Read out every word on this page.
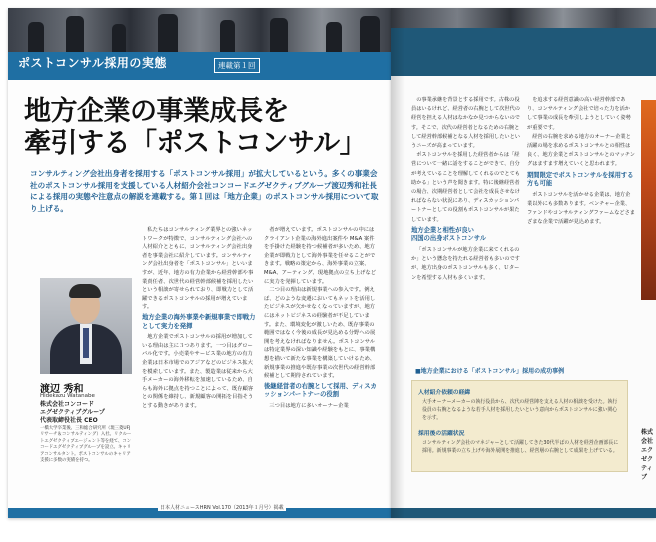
ポストコンサル採用の実態	連載第１回
地方企業の事業成長を
牽引する「ポストコンサル」
コンサルティング会社出身者を採用する「ポストコンサル採用」が拡大しているという。多くの事業会社のポストコンサル採用を支援している人材紹介会社コンコードエグゼクティブグループ渡辺秀和社長による採用の実態や注意点の解説を連載する。第１回は「地方企業」のポストコンサル採用について取り上げる。
渡辺 秀和
Hidekazu Watanabe
株式会社コンコード
エグゼクティブグループ
代表取締役社長 CEO
一橋大学卒業後、三和総合研究所（現三菱UFJリサーチ＆コンサルティング）入社。リクルートエグゼクティブエージェント等を経て、コンコードエグゼクティブグループを設立。キャリアコンサルタント。ポストコンサルのキャリア支援に多数の実績を持つ。

私たちはコンサルティング業界との強いネットワークが特徴で、コンサルティング会社への人材紹介とともに、コンサルティング会社出身者を事業会社に紹介しています。コンサルティング会社出身者を「ポストコンサル」といいますが、近年、地方の有力企業から経営幹部や事業責任者、次世代の経営幹部候補を採用したいという相談が寄せられており、即戦力として活躍できるポストコンサルの採用が増えています。

地方企業の海外事業や新規事業で即戦力として実力を発揮

地方企業でポストコンサルの採用が増加している理由は主に３つあります。一つ目はグローバル化です。小売業やサービス業の地方の有力企業は日本市場でのアジアなどのビジネス拡大を模索しています。また、製造業は従来から大手メーカーの海外移転を加速しているため、自らも海外に拠点を持つことによって、既存顧客との関係を維持し、新規顧客の開拓を目指そうとする動きがあります。

者が増えています。ポストコンサルの中にはクライアント企業の海外進出案件や M&A 案件を手掛けた経験を持つ候補者が多いため、地方企業が即戦力として海外事業を任せることができます。戦略の策定から、海外事業の立案、M&A、アーティング、現地拠点の立ち上げなどに実力を発揮しています。

二つ目の理由は新規事業への参入です。例えば、どのような変遷においてもネットを活用したビジネスが欠かせなくなっていますが、地方にはネットビジネスの経験者が不足しています。また、環境変化が激しいため、既存事業の範囲ではなく今後の成長が見込める分野への展開を考えなければなりません。ポストコンサルは特定業界の深い知識や経験をもとに、事業構想を描いて新たな事業を構築していけるため、新規事業の推進や既存事業の次世代の経営幹部候補として期待されています。

後継経営者の右腕として採用、ディスカッションパートナーの役割

三つ目は地方に多いオーナー企業

日本人材ニュースHRN Vol.170（2013年１月号）掲載

の事業承継を背景とする採用です。古株の役員はいるけれど、経営者の右腕として次世代の経営を担える人材はなかなか見つからないのです。そこで、次代の経営者となるための右腕として経営幹部候補となる人材を採用したいというニーズが高まっています。

ポストコンサルを採用した経営者からは「経営について一緒に話をすることができて、自分が考えていることを理解してくれるのでとても助かる」という声を聞きます。特に後継経営者の場合、次期経営者として会社を成長させなければならない状況にあり、ディスカッションパートナーとしての役割もポストコンサルが果たしています。

地方企業と相性が良い
四国の出身ポストコンサル

「ポストコンサルが地方企業に来てくれるのか」という懸念を持たれる経営者も多いのですが、地方出身のポストコンサルも多く、Ｕターンを希望する人材も多くいます。

を追求する経営意識の高い経営幹部であり、コンサルティング会社で培った力を活かして事業の成長を牽引しようとしていく姿勢が重要です。

経営の右腕を求める地方のオーナー企業と活躍の場を求めるポストコンサルとの相性は良く、地方企業とポストコンサルとのマッチングはますます増えていくと思われます。

期間限定でポストコンサルを採用する方も可能

ポストコンサルを活かせる企業は、地方企業以外にも多数あります。ベンチャー企業、ファンドやコンサルティングファームなどさまざまな企業で活躍が見込めます。

■地方企業における「ポストコンサル」採用の成功事例
人材紹介依頼の経緯
大手オーナーメーカーの執行役員から、次代の経営陣を支える人材の相談を受けた。執行役員の右腕となるような若手人材を採用したいという意向からポストコンサルに強い関心を示す。
採用後の活躍状況
コンサルティング会社のマネジャーとして活躍してきた30代半ばの人材を経営企画部長に採用。新規事業の立ち上げや海外展開を推進し、経営層の右腕として成果を上げている。
株式会社エクゼクティブ
